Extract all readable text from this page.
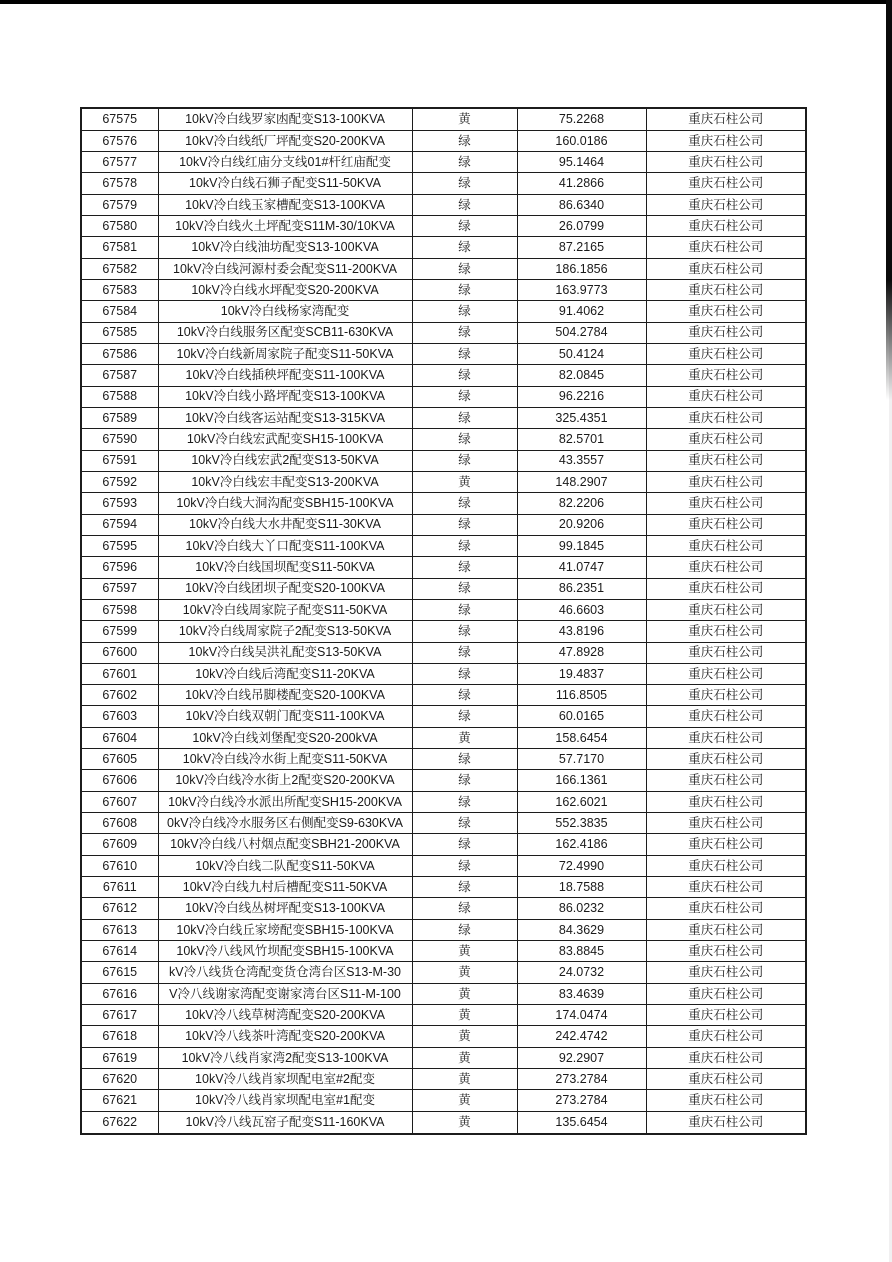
67575	10kV冷白线罗家凼配变S13-100KVA	黄	75.2268	重庆石柱公司
67576	10kV冷白线纸厂坪配变S20-200KVA	绿	160.0186	重庆石柱公司
67577	10kV冷白线红庙分支线01#杆红庙配变	绿	95.1464	重庆石柱公司
67578	10kV冷白线石狮子配变S11-50KVA	绿	41.2866	重庆石柱公司
67579	10kV冷白线玉家槽配变S13-100KVA	绿	86.6340	重庆石柱公司
67580	10kV冷白线火土坪配变S11M-30/10KVA	绿	26.0799	重庆石柱公司
67581	10kV冷白线油坊配变S13-100KVA	绿	87.2165	重庆石柱公司
67582	10kV冷白线河源村委会配变S11-200KVA	绿	186.1856	重庆石柱公司
67583	10kV冷白线水坪配变S20-200KVA	绿	163.9773	重庆石柱公司
67584	10kV冷白线杨家湾配变	绿	91.4062	重庆石柱公司
67585	10kV冷白线服务区配变SCB11-630KVA	绿	504.2784	重庆石柱公司
67586	10kV冷白线新周家院子配变S11-50KVA	绿	50.4124	重庆石柱公司
67587	10kV冷白线插秧坪配变S11-100KVA	绿	82.0845	重庆石柱公司
67588	10kV冷白线小路坪配变S13-100KVA	绿	96.2216	重庆石柱公司
67589	10kV冷白线客运站配变S13-315KVA	绿	325.4351	重庆石柱公司
67590	10kV冷白线宏武配变SH15-100KVA	绿	82.5701	重庆石柱公司
67591	10kV冷白线宏武2配变S13-50KVA	绿	43.3557	重庆石柱公司
67592	10kV冷白线宏丰配变S13-200KVA	黄	148.2907	重庆石柱公司
67593	10kV冷白线大洞沟配变SBH15-100KVA	绿	82.2206	重庆石柱公司
67594	10kV冷白线大水井配变S11-30KVA	绿	20.9206	重庆石柱公司
67595	10kV冷白线大丫口配变S11-100KVA	绿	99.1845	重庆石柱公司
67596	10kV冷白线国坝配变S11-50KVA	绿	41.0747	重庆石柱公司
67597	10kV冷白线团坝子配变S20-100KVA	绿	86.2351	重庆石柱公司
67598	10kV冷白线周家院子配变S11-50KVA	绿	46.6603	重庆石柱公司
67599	10kV冷白线周家院子2配变S13-50KVA	绿	43.8196	重庆石柱公司
67600	10kV冷白线吴洪礼配变S13-50KVA	绿	47.8928	重庆石柱公司
67601	10kV冷白线后湾配变S11-20KVA	绿	19.4837	重庆石柱公司
67602	10kV冷白线吊脚楼配变S20-100KVA	绿	116.8505	重庆石柱公司
67603	10kV冷白线双朝门配变S11-100KVA	绿	60.0165	重庆石柱公司
67604	10kV冷白线刘堡配变S20-200kVA	黄	158.6454	重庆石柱公司
67605	10kV冷白线冷水街上配变S11-50KVA	绿	57.7170	重庆石柱公司
67606	10kV冷白线冷水街上2配变S20-200KVA	绿	166.1361	重庆石柱公司
67607	10kV冷白线冷水派出所配变SH15-200KVA	绿	162.6021	重庆石柱公司
67608	0kV冷白线冷水服务区右侧配变S9-630KVA	绿	552.3835	重庆石柱公司
67609	10kV冷白线八村烟点配变SBH21-200KVA	绿	162.4186	重庆石柱公司
67610	10kV冷白线二队配变S11-50KVA	绿	72.4990	重庆石柱公司
67611	10kV冷白线九村后槽配变S11-50KVA	绿	18.7588	重庆石柱公司
67612	10kV冷白线丛树坪配变S13-100KVA	绿	86.0232	重庆石柱公司
67613	10kV冷白线丘家塝配变SBH15-100KVA	绿	84.3629	重庆石柱公司
67614	10kV冷八线风竹坝配变SBH15-100KVA	黄	83.8845	重庆石柱公司
67615	kV冷八线货仓湾配变货仓湾台区S13-M-30	黄	24.0732	重庆石柱公司
67616	V冷八线谢家湾配变谢家湾台区S11-M-100	黄	83.4639	重庆石柱公司
67617	10kV冷八线草树湾配变S20-200KVA	黄	174.0474	重庆石柱公司
67618	10kV冷八线茶叶湾配变S20-200KVA	黄	242.4742	重庆石柱公司
67619	10kV冷八线肖家湾2配变S13-100KVA	黄	92.2907	重庆石柱公司
67620	10kV冷八线肖家坝配电室#2配变	黄	273.2784	重庆石柱公司
67621	10kV冷八线肖家坝配电室#1配变	黄	273.2784	重庆石柱公司
67622	10kV冷八线瓦窑子配变S11-160KVA	黄	135.6454	重庆石柱公司
